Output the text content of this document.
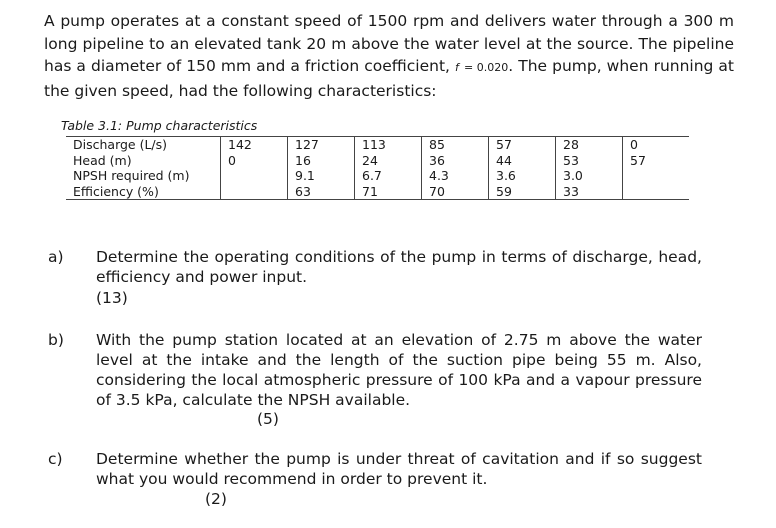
A pump operates at a constant speed of 1500 rpm and delivers water through a 300 m long pipeline to an elevated tank 20 m above the water level at the source. The pipeline has a diameter of 150 mm and a friction coefficient, f = 0.020. The pump, when running at the given speed, had the following characteristics:

Table 3.1: Pump characteristics

Discharge (L/s)	142	127	113	85	57	28	0
Head (m)	0	16	24	36	44	53	57
NPSH required (m)		9.1	6.7	4.3	3.6	3.0	
Efficiency (%)		63	71	70	59	33	
a) Determine the operating conditions of the pump in terms of discharge, head, efficiency and power input.
(13)
b) With the pump station located at an elevation of 2.75 m above the water level at the intake and the length of the suction pipe being 55 m. Also, considering the local atmospheric pressure of 100 kPa and a vapour pressure of 3.5 kPa, calculate the NPSH available.
(5)
c) Determine whether the pump is under threat of cavitation and if so suggest what you would recommend in order to prevent it.
(2)
